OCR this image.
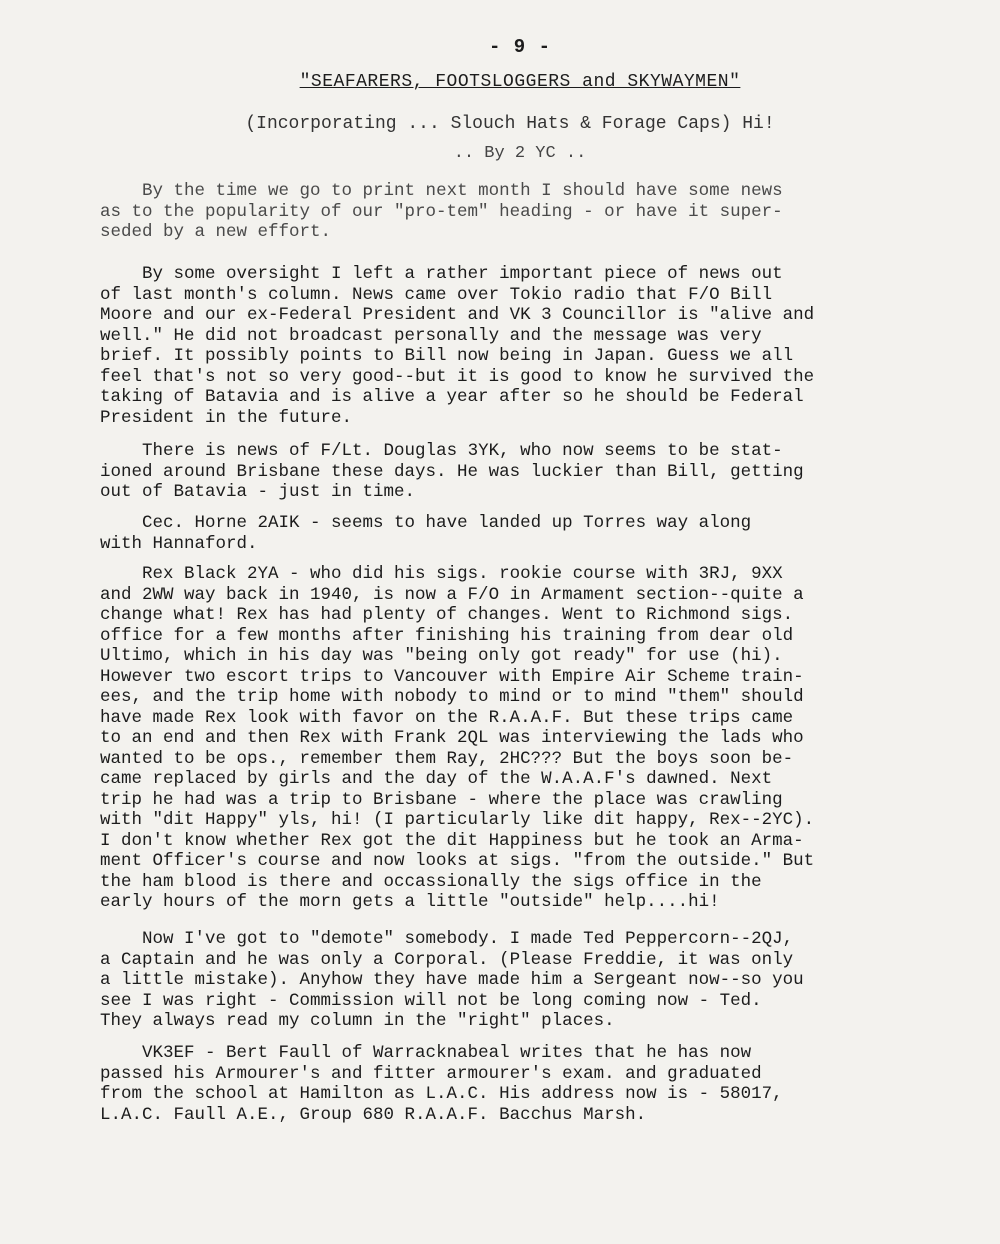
- 9 -
"SEAFARERS, FOOTSLOGGERS and SKYWAYMEN"
(Incorporating ... Slouch Hats & Forage Caps) Hi!
.. By 2 YC ..
By the time we go to print next month I should have some news
as to the popularity of our "pro-tem" heading - or have it super-
seded by a new effort.
By some oversight I left a rather important piece of news out
of last month's column. News came over Tokio radio that F/O Bill
Moore and our ex-Federal President and VK 3 Councillor is "alive and
well." He did not broadcast personally and the message was very
brief. It possibly points to Bill now being in Japan. Guess we all
feel that's not so very good--but it is good to know he survived the
taking of Batavia and is alive a year after so he should be Federal
President in the future.
There is news of F/Lt. Douglas 3YK, who now seems to be stat-
ioned around Brisbane these days. He was luckier than Bill, getting
out of Batavia - just in time.
Cec. Horne 2AIK - seems to have landed up Torres way along
with Hannaford.
Rex Black 2YA - who did his sigs. rookie course with 3RJ, 9XX
and 2WW way back in 1940, is now a F/O in Armament section--quite a
change what! Rex has had plenty of changes. Went to Richmond sigs.
office for a few months after finishing his training from dear old
Ultimo, which in his day was "being only got ready" for use (hi).
However two escort trips to Vancouver with Empire Air Scheme train-
ees, and the trip home with nobody to mind or to mind "them" should
have made Rex look with favor on the R.A.A.F. But these trips came
to an end and then Rex with Frank 2QL was interviewing the lads who
wanted to be ops., remember them Ray, 2HC??? But the boys soon be-
came replaced by girls and the day of the W.A.A.F's dawned. Next
trip he had was a trip to Brisbane - where the place was crawling
with "dit Happy" yls, hi! (I particularly like dit happy, Rex--2YC).
I don't know whether Rex got the dit Happiness but he took an Arma-
ment Officer's course and now looks at sigs. "from the outside." But
the ham blood is there and occassionally the sigs office in the
early hours of the morn gets a little "outside" help....hi!
Now I've got to "demote" somebody. I made Ted Peppercorn--2QJ,
a Captain and he was only a Corporal. (Please Freddie, it was only
a little mistake). Anyhow they have made him a Sergeant now--so you
see I was right - Commission will not be long coming now - Ted.
They always read my column in the "right" places.
VK3EF - Bert Faull of Warracknabeal writes that he has now
passed his Armourer's and fitter armourer's exam. and graduated
from the school at Hamilton as L.A.C. His address now is - 58017,
L.A.C. Faull A.E., Group 680 R.A.A.F. Bacchus Marsh.
